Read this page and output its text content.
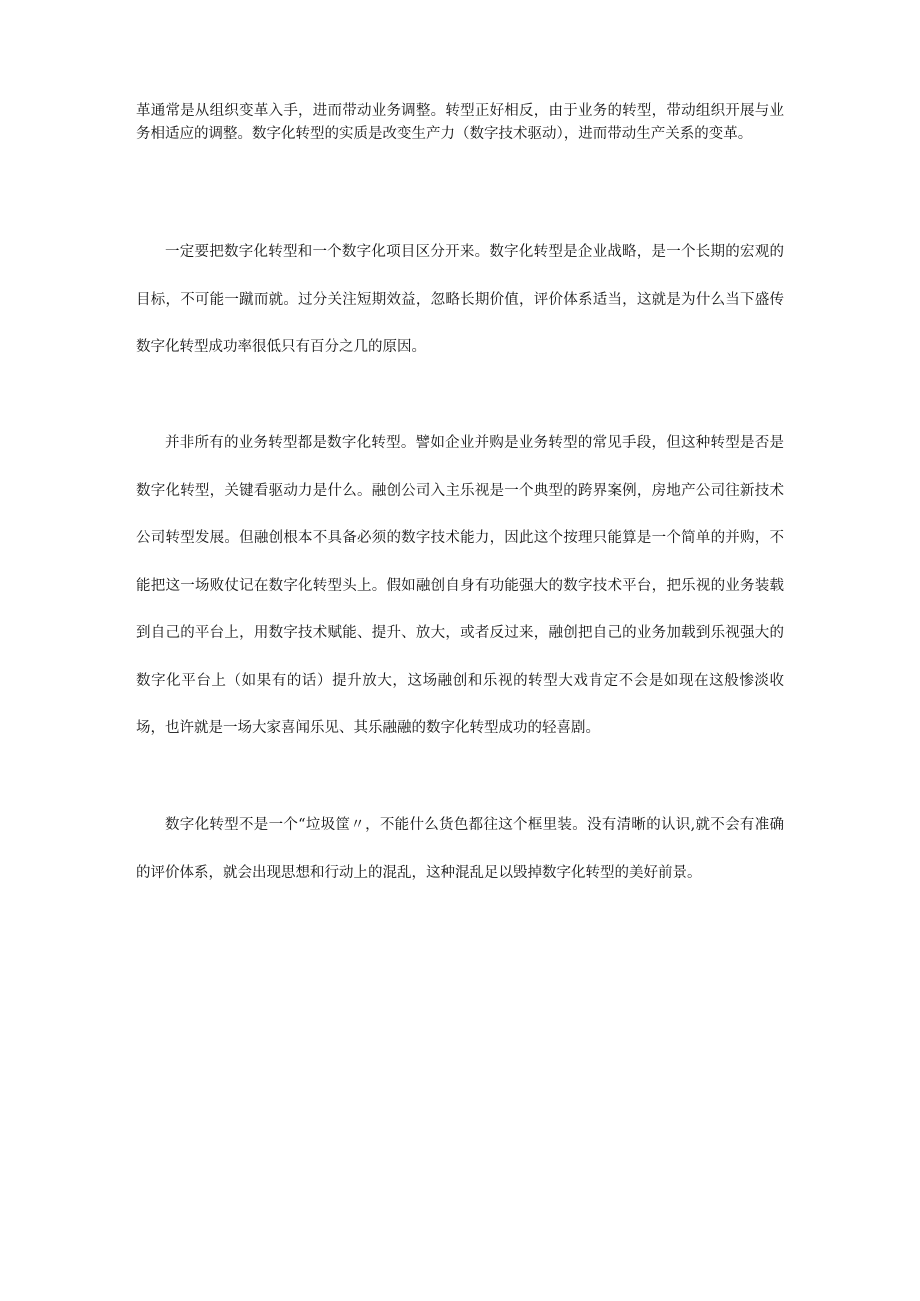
革通常是从组织变革入手，进而带动业务调整。转型正好相反，由于业务的转型，带动组织开展与业务相适应的调整。数字化转型的实质是改变生产力（数字技术驱动），进而带动生产关系的变革。

一定要把数字化转型和一个数字化项目区分开来。数字化转型是企业战略，是一个长期的宏观的目标，不可能一蹴而就。过分关注短期效益，忽略长期价值，评价体系适当，这就是为什么当下盛传数字化转型成功率很低只有百分之几的原因。

并非所有的业务转型都是数字化转型。譬如企业并购是业务转型的常见手段，但这种转型是否是数字化转型，关键看驱动力是什么。融创公司入主乐视是一个典型的跨界案例，房地产公司往新技术公司转型发展。但融创根本不具备必须的数字技术能力，因此这个按理只能算是一个简单的并购，不能把这一场败仗记在数字化转型头上。假如融创自身有功能强大的数字技术平台，把乐视的业务装载到自己的平台上，用数字技术赋能、提升、放大，或者反过来，融创把自己的业务加载到乐视强大的数字化平台上（如果有的话）提升放大，这场融创和乐视的转型大戏肯定不会是如现在这般惨淡收场，也许就是一场大家喜闻乐见、其乐融融的数字化转型成功的轻喜剧。

数字化转型不是一个“垃圾筐〃，不能什么货色都往这个框里装。没有清晰的认识,就不会有准确的评价体系，就会出现思想和行动上的混乱，这种混乱足以毁掉数字化转型的美好前景。
